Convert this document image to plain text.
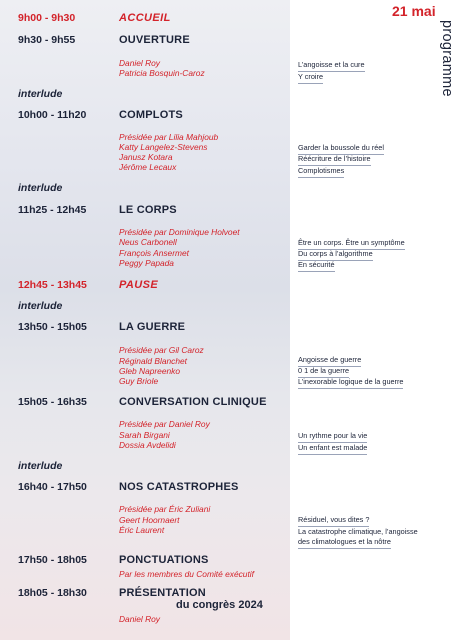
21 mai
programme
9h00 - 9h30	ACCUEIL
9h30 - 9h55	OUVERTURE
Daniel Roy
Patricia Bosquin-Caroz
L’angoisse et la cure
Y croire
interlude
10h00 - 11h20	COMPLOTS
Présidée par Lilia Mahjoub
Katty Langelez-Stevens
Janusz Kotara
Jérôme Lecaux
Garder la boussole du réel
Réécriture de l’histoire
Complotismes
interlude
11h25 - 12h45	LE CORPS
Présidée par Dominique Holvoet
Neus Carbonell
François Ansermet
Peggy Papada
Être un corps. Être un symptôme
Du corps à l’algorithme
En sécurité
12h45 - 13h45	PAUSE
interlude
13h50 - 15h05	LA GUERRE
Présidée par Gil Caroz
Réginald Blanchet
Gleb Napreenko
Guy Briole
Angoisse de guerre
0 1 de la guerre
L’inexorable logique de la guerre
15h05 - 16h35	CONVERSATION CLINIQUE
Présidée par Daniel Roy
Sarah Birgani
Dossia Avdelidi
Un rythme pour la vie
Un enfant est malade
interlude
16h40 - 17h50	NOS CATASTROPHES
Présidée par Éric Zuliani
Geert Hoornaert
Éric Laurent
Résiduel, vous dites ?
La catastrophe climatique, l’angoisse
des climatologues et la nôtre
17h50 - 18h05	PONCTUATIONS
Par les membres du Comité exécutif
18h05 - 18h30	PRÉSENTATION
du congrès 2024
Daniel Roy
